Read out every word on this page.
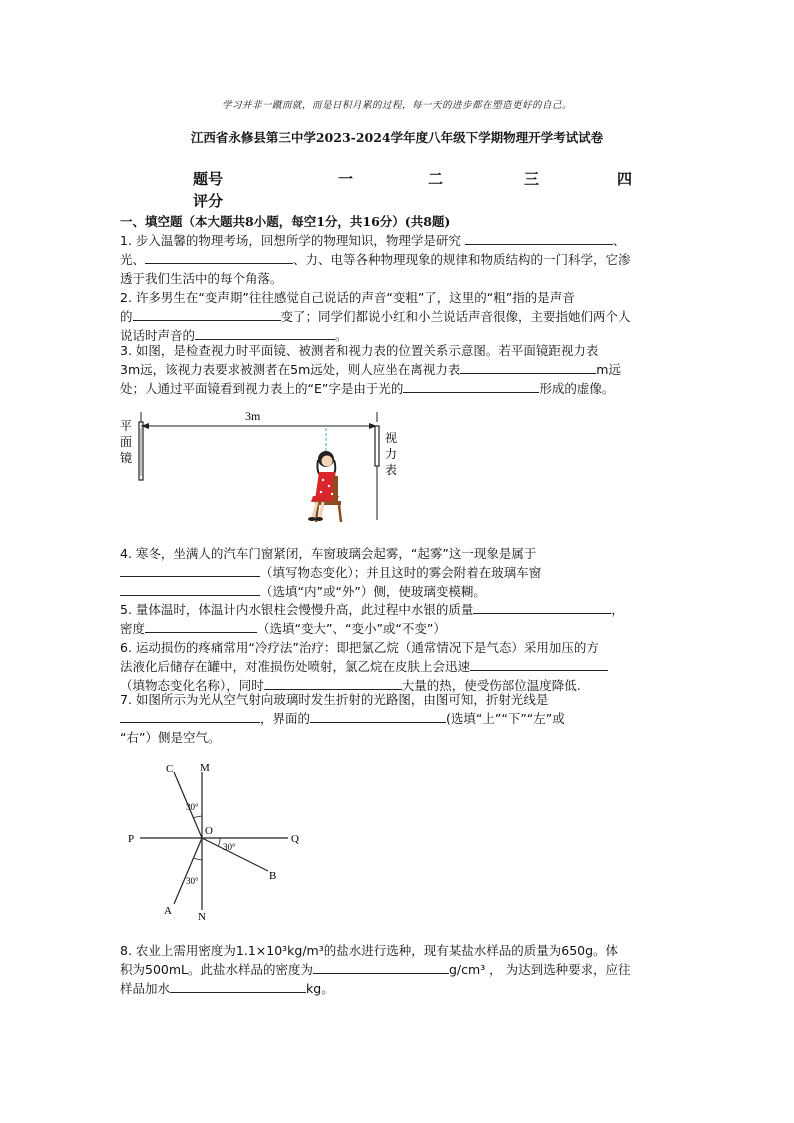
学习并非一蹴而就，而是日积月累的过程，每一天的进步都在塑造更好的自己。
江西省永修县第三中学2023-2024学年度八年级下学期物理开学考试试卷
题号	一	二	三	四
评分
一、填空题（本大题共8小题，每空1分，共16分）(共8题)
1. 步入温馨的物理考场，回想所学的物理知识，物理学是研究	、
光、	、力、电等各种物理现象的规律和物质结构的一门科学，它渗
透于我们生活中的每个角落。
2. 许多男生在“变声期”往往感觉自己说话的声音“变粗”了，这里的“粗”指的是声音
的	变了；同学们都说小红和小兰说话声音很像，主要指她们两个人
说话时声音的	。
3. 如图，是检查视力时平面镜、被测者和视力表的位置关系示意图。若平面镜距视力表
3m远，该视力表要求被测者在5m远处，则人应坐在离视力表	m远
处；人通过平面镜看到视力表上的“E”字是由于光的	形成的虚像。
平
面
镜
3m
视
力
表
4. 寒冬，坐满人的汽车门窗紧闭，车窗玻璃会起雾，“起雾”这一现象是属于
（填写物态变化）；并且这时的雾会附着在玻璃车窗
（选填“内”或“外”）侧，使玻璃变模糊。
5. 量体温时，体温计内水银柱会慢慢升高，此过程中水银的质量	，
密度	（选填“变大”、“变小”或“不变”）
6. 运动损伤的疼痛常用“冷疗法”治疗：即把氯乙烷（通常情况下是气态）采用加压的方
法液化后储存在罐中，对准损伤处喷射，氯乙烷在皮肤上会迅速
（填物态变化名称），同时	大量的热，使受伤部位温度降低.
7. 如图所示为光从空气射向玻璃时发生折射的光路图，由图可知，折射光线是
，界面的	(选填“上”“下”“左”或
“右”）侧是空气。
C M
P
O
Q
B
A N
30°
30°
30°
8. 农业上需用密度为1.1×10³kg/m³的盐水进行选种，现有某盐水样品的质量为650g。体
积为500mL。此盐水样品的密度为	g/cm³ ， 为达到选种要求，应往
样品加水	kg。
